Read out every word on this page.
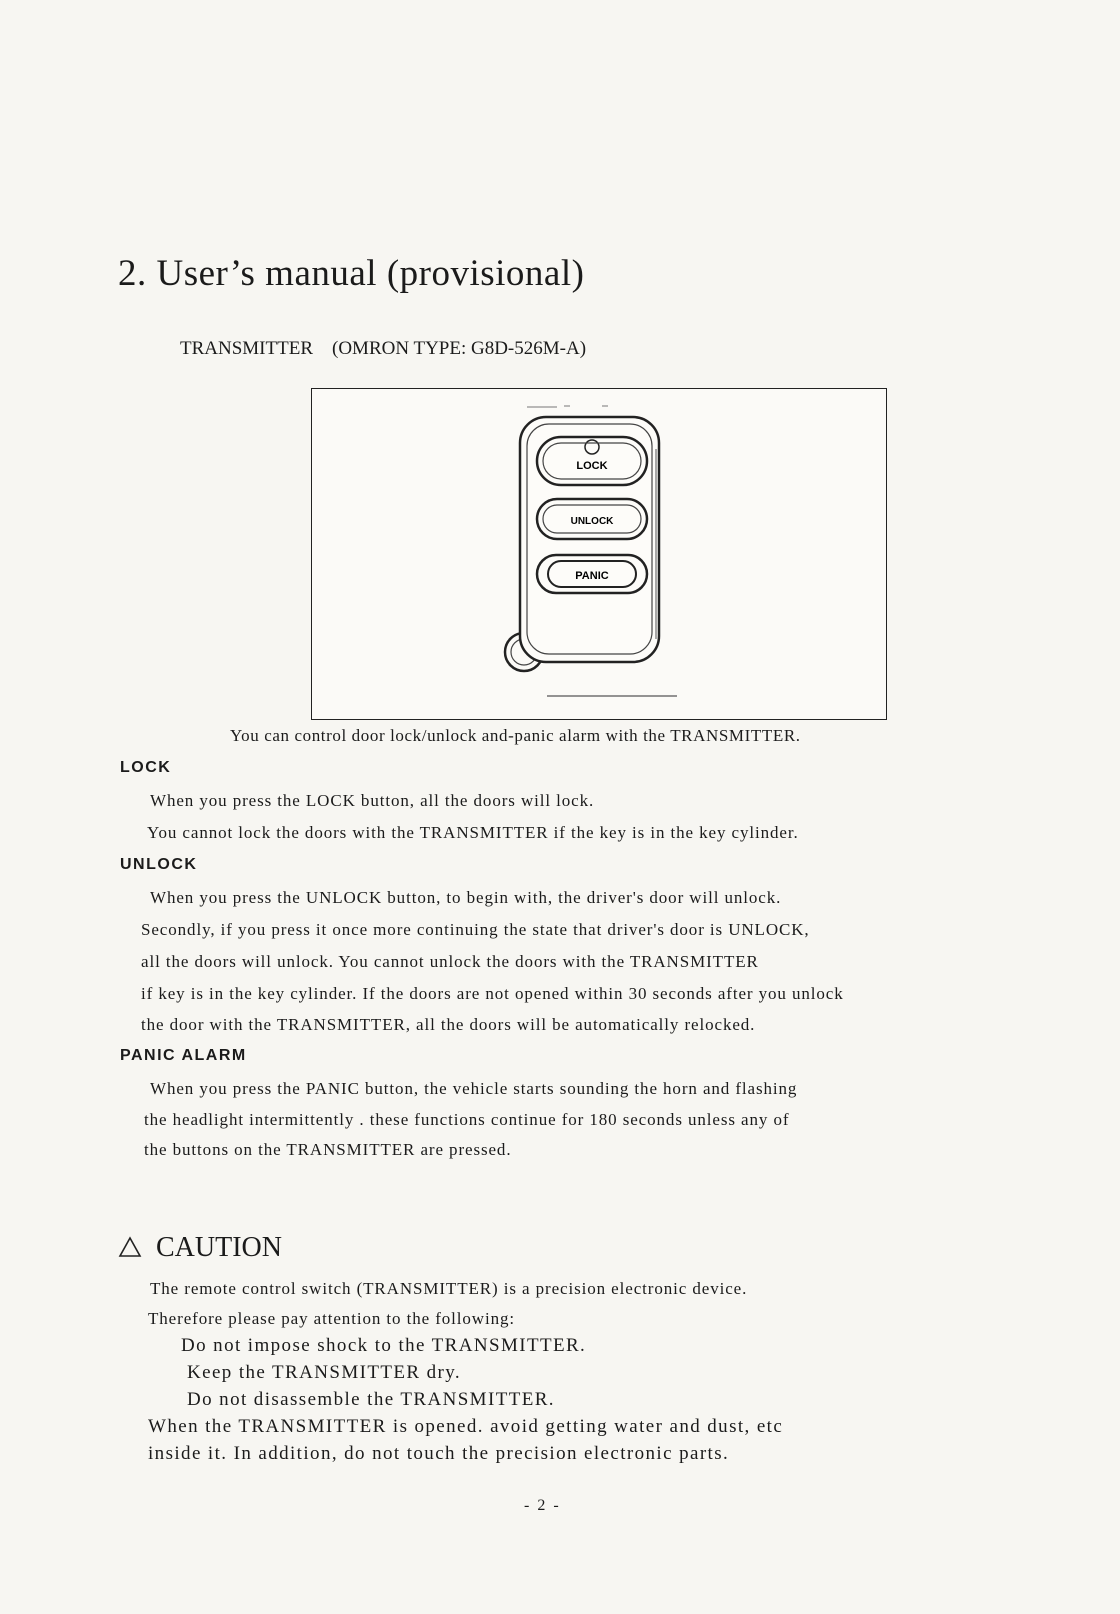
2. User’s manual (provisional)
TRANSMITTER　(OMRON TYPE: G8D-526M-A)
LOCK
UNLOCK
PANIC
You can control door lock/unlock and-panic alarm with the TRANSMITTER.
LOCK
When you press the LOCK button, all the doors will lock.
You cannot lock the doors with the TRANSMITTER if the key is in the key cylinder.
UNLOCK
When you press the UNLOCK button, to begin with, the driver's door will unlock.
Secondly, if you press it once more continuing the state that driver's door is UNLOCK,
all the doors will unlock. You cannot unlock the doors with the TRANSMITTER
if key is in the key cylinder. If the doors are not opened within 30 seconds after you unlock
the door with the TRANSMITTER, all the doors will be automatically relocked.
PANIC ALARM
When you press the PANIC button, the vehicle starts sounding the horn and flashing
the headlight intermittently . these functions continue for 180 seconds unless any of
the buttons on the TRANSMITTER are pressed.
CAUTION
The remote control switch (TRANSMITTER) is a precision electronic device.
Therefore please pay attention to the following:
Do not impose shock to the TRANSMITTER.
Keep the TRANSMITTER dry.
Do not disassemble the TRANSMITTER.
When the TRANSMITTER is opened. avoid getting water and dust, etc
inside it. In addition, do not touch the precision electronic parts.
- 2 -
